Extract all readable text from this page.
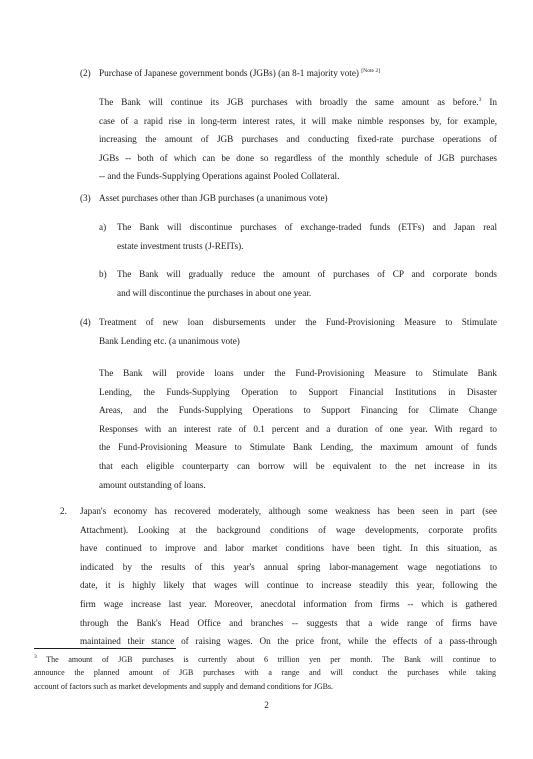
(2) Purchase of Japanese government bonds (JGBs) (an 8-1 majority vote) [Note 2]
The Bank will continue its JGB purchases with broadly the same amount as before.$^3$ In
case of a rapid rise in long-term interest rates, it will make nimble responses by, for example,
increasing the amount of JGB purchases and conducting fixed-rate purchase operations of
JGBs -- both of which can be done so regardless of the monthly schedule of JGB purchases
-- and the Funds-Supplying Operations against Pooled Collateral.
(3) Asset purchases other than JGB purchases (a unanimous vote)
a) The Bank will discontinue purchases of exchange-traded funds (ETFs) and Japan real
estate investment trusts (J-REITs).
b) The Bank will gradually reduce the amount of purchases of CP and corporate bonds
and will discontinue the purchases in about one year.
(4) Treatment of new loan disbursements under the Fund-Provisioning Measure to Stimulate
Bank Lending etc. (a unanimous vote)
The Bank will provide loans under the Fund-Provisioning Measure to Stimulate Bank
Lending, the Funds-Supplying Operation to Support Financial Institutions in Disaster
Areas, and the Funds-Supplying Operations to Support Financing for Climate Change
Responses with an interest rate of 0.1 percent and a duration of one year. With regard to
the Fund-Provisioning Measure to Stimulate Bank Lending, the maximum amount of funds
that each eligible counterparty can borrow will be equivalent to the net increase in its
amount outstanding of loans.
2. Japan's economy has recovered moderately, although some weakness has been seen in part (see
Attachment). Looking at the background conditions of wage developments, corporate profits
have continued to improve and labor market conditions have been tight. In this situation, as
indicated by the results of this year's annual spring labor-management wage negotiations to
date, it is highly likely that wages will continue to increase steadily this year, following the
firm wage increase last year. Moreover, anecdotal information from firms -- which is gathered
through the Bank's Head Office and branches -- suggests that a wide range of firms have
maintained their stance of raising wages. On the price front, while the effects of a pass-through
$^3$ The amount of JGB purchases is currently about 6 trillion yen per month. The Bank will continue to
announce the planned amount of JGB purchases with a range and will conduct the purchases while taking
account of factors such as market developments and supply and demand conditions for JGBs.
2
